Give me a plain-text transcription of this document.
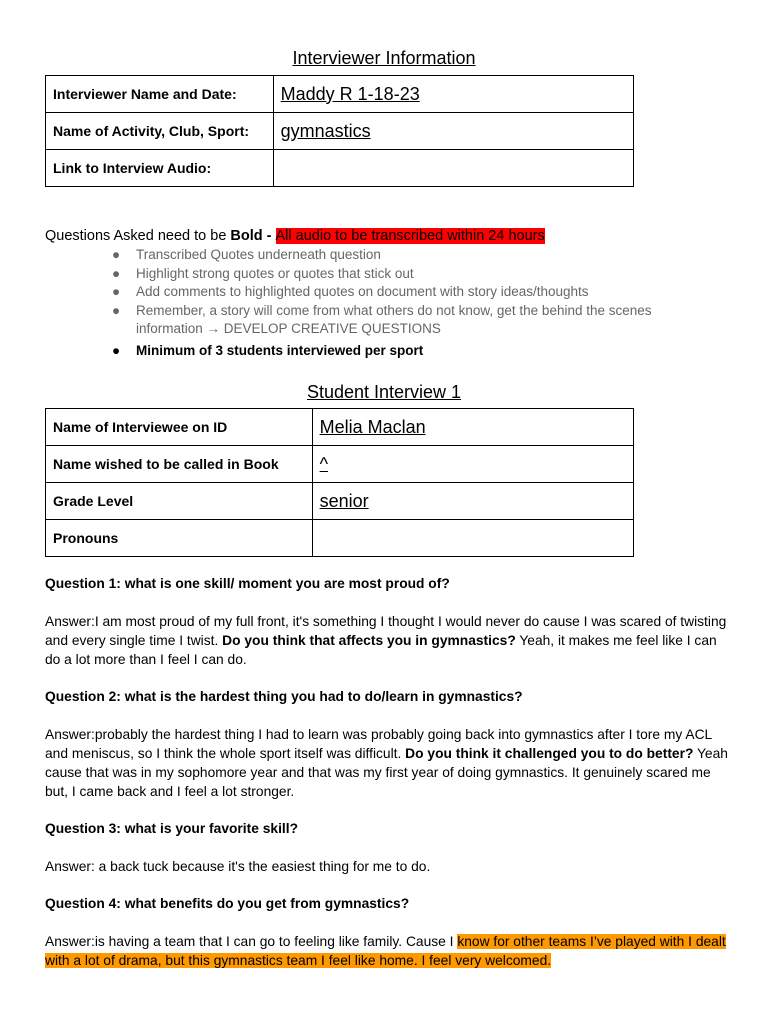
Interviewer Information
Interviewer Name and Date:	Maddy R 1-18-23
Name of Activity, Club, Sport:	gymnastics
Link to Interview Audio:	
Questions Asked need to be Bold - All audio to be transcribed within 24 hours
● Transcribed Quotes underneath question
● Highlight strong quotes or quotes that stick out
● Add comments to highlighted quotes on document with story ideas/thoughts
● Remember, a story will come from what others do not know, get the behind the scenes information → DEVELOP CREATIVE QUESTIONS
● Minimum of 3 students interviewed per sport
Student Interview 1
Name of Interviewee on ID	Melia Maclan
Name wished to be called in Book	^
Grade Level	senior
Pronouns	
Question 1: what is one skill/ moment you are most proud of?
Answer:I am most proud of my full front, it's something I thought I would never do cause I was scared of twisting and every single time I twist. Do you think that affects you in gymnastics? Yeah, it makes me feel like I can do a lot more than I feel I can do.
Question 2: what is the hardest thing you had to do/learn in gymnastics?
Answer:probably the hardest thing I had to learn was probably going back into gymnastics after I tore my ACL and meniscus, so I think the whole sport itself was difficult. Do you think it challenged you to do better? Yeah cause that was in my sophomore year and that was my first year of doing gymnastics. It genuinely scared me but, I came back and I feel a lot stronger.
Question 3: what is your favorite skill?
Answer: a back tuck because it's the easiest thing for me to do.
Question 4: what benefits do you get from gymnastics?
Answer:is having a team that I can go to feeling like family. Cause I know for other teams I’ve played with I dealt with a lot of drama, but this gymnastics team I feel like home. I feel very welcomed.
